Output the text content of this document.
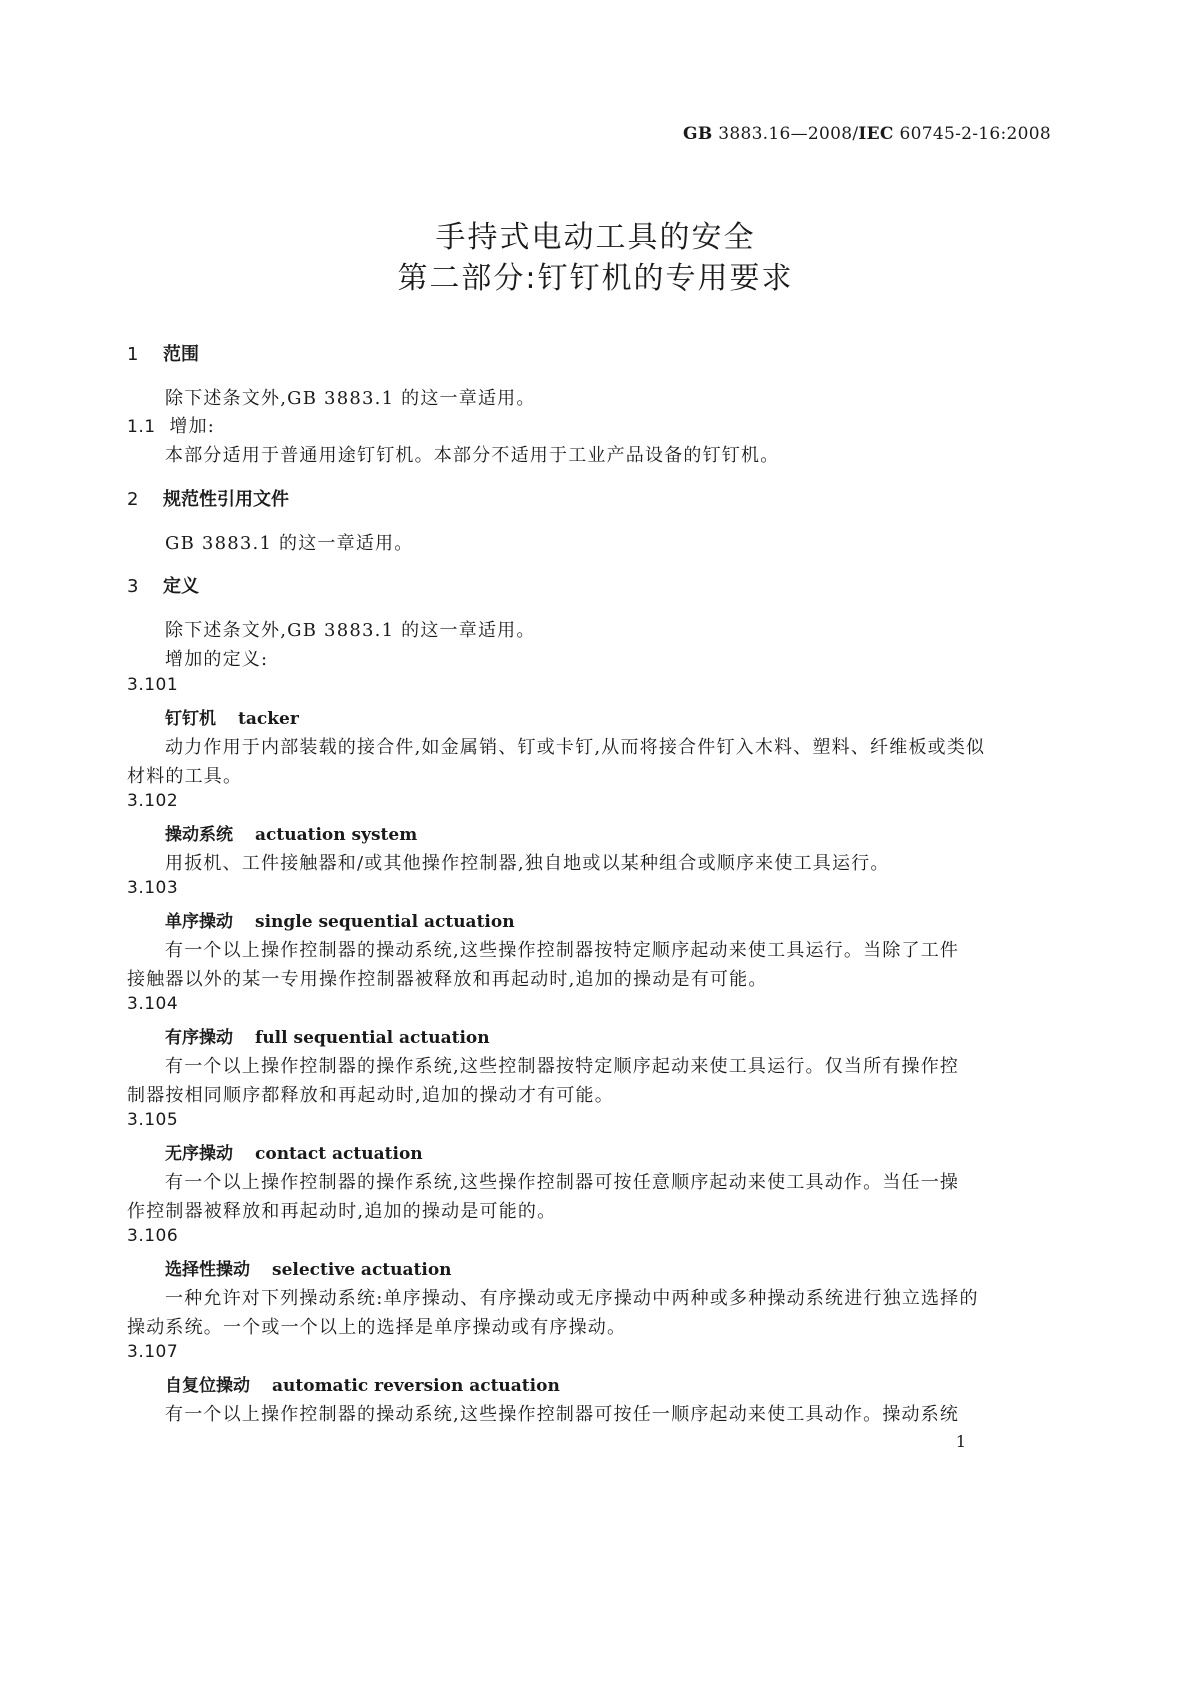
GB 3883.16—2008/IEC 60745-2-16:2008
手持式电动工具的安全
第二部分:钉钉机的专用要求
1 范围
除下述条文外,GB 3883.1 的这一章适用。
1.1 增加:
本部分适用于普通用途钉钉机。本部分不适用于工业产品设备的钉钉机。
2 规范性引用文件
GB 3883.1 的这一章适用。
3 定义
除下述条文外,GB 3883.1 的这一章适用。
增加的定义:
3.101
钉钉机 tacker
动力作用于内部装载的接合件,如金属销、钉或卡钉,从而将接合件钉入木料、塑料、纤维板或类似
材料的工具。
3.102
操动系统 actuation system
用扳机、工件接触器和/或其他操作控制器,独自地或以某种组合或顺序来使工具运行。
3.103
单序操动 single sequential actuation
有一个以上操作控制器的操动系统,这些操作控制器按特定顺序起动来使工具运行。当除了工件
接触器以外的某一专用操作控制器被释放和再起动时,追加的操动是有可能。
3.104
有序操动 full sequential actuation
有一个以上操作控制器的操作系统,这些控制器按特定顺序起动来使工具运行。仅当所有操作控
制器按相同顺序都释放和再起动时,追加的操动才有可能。
3.105
无序操动 contact actuation
有一个以上操作控制器的操作系统,这些操作控制器可按任意顺序起动来使工具动作。当任一操
作控制器被释放和再起动时,追加的操动是可能的。
3.106
选择性操动 selective actuation
一种允许对下列操动系统:单序操动、有序操动或无序操动中两种或多种操动系统进行独立选择的
操动系统。一个或一个以上的选择是单序操动或有序操动。
3.107
自复位操动 automatic reversion actuation
有一个以上操作控制器的操动系统,这些操作控制器可按任一顺序起动来使工具动作。操动系统
1
